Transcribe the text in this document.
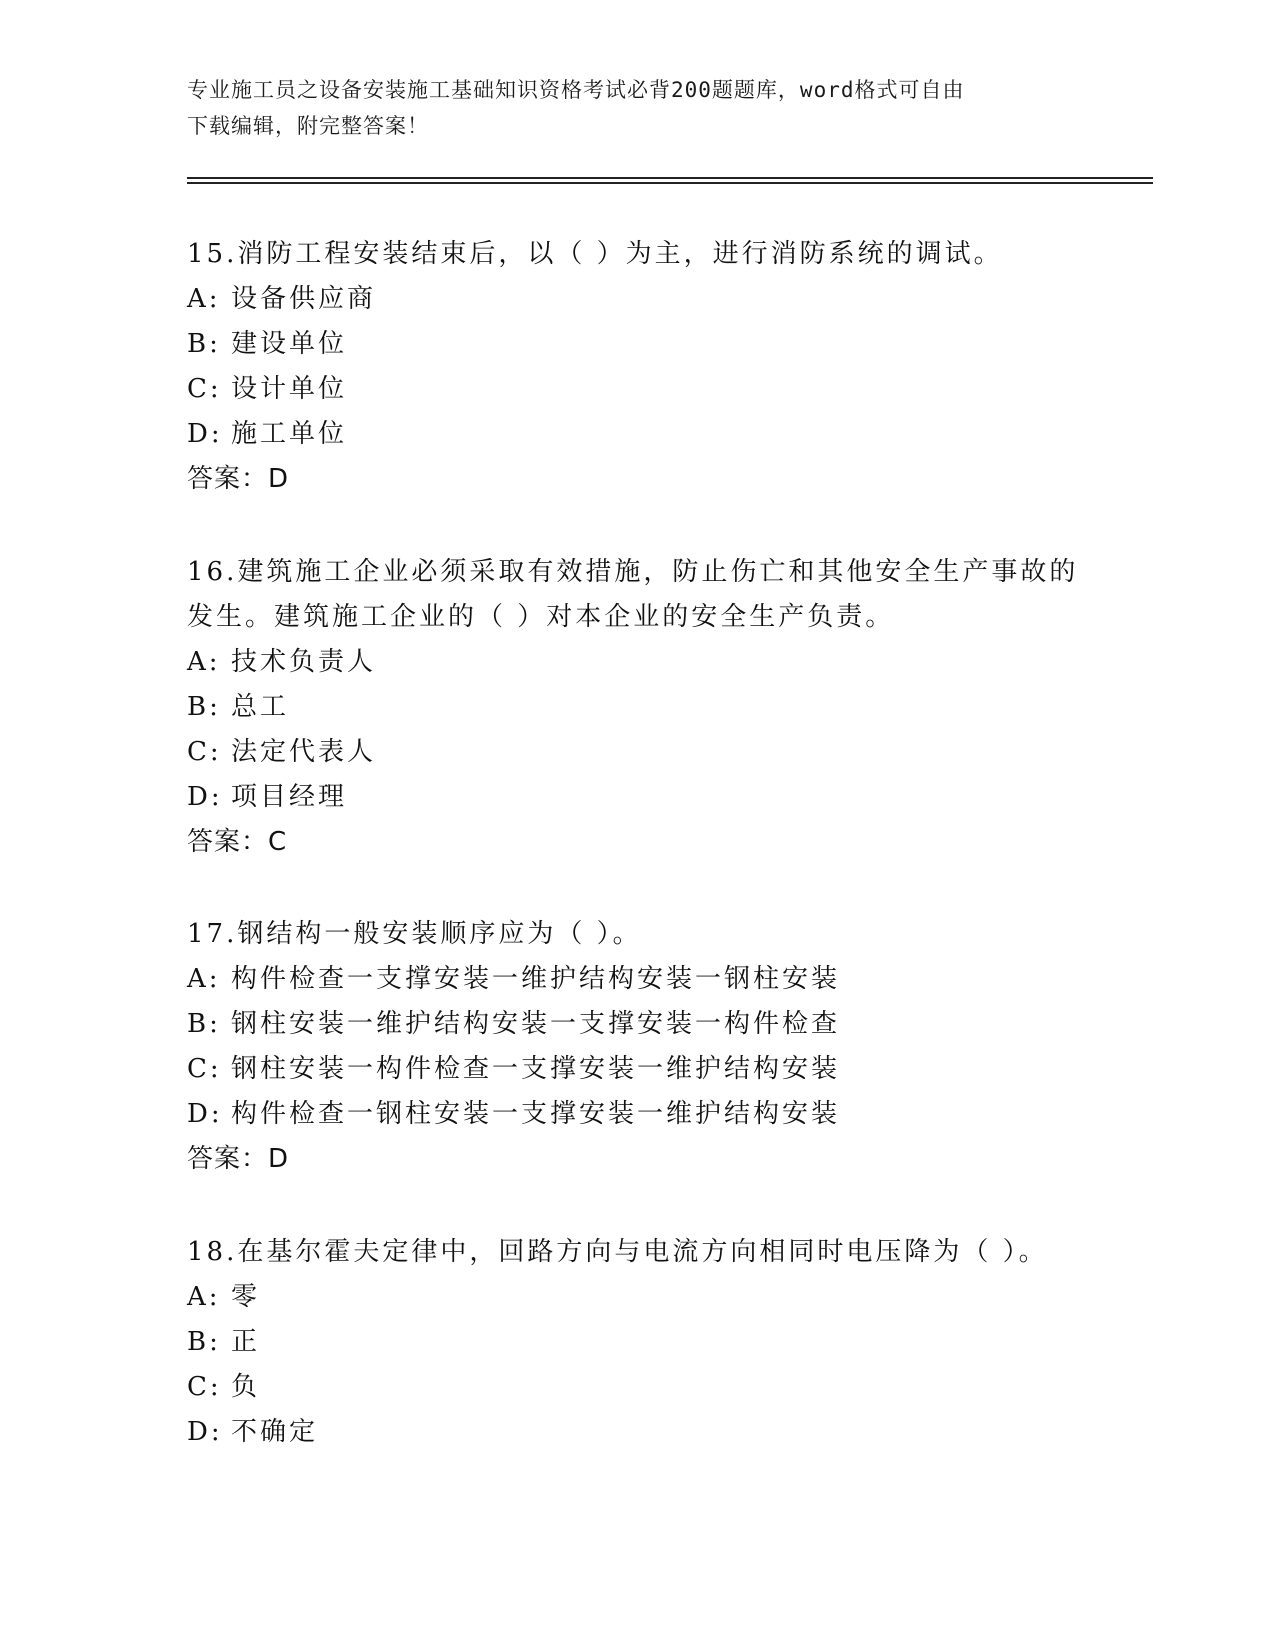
专业施工员之设备安装施工基础知识资格考试必背200题题库，word格式可自由
下载编辑，附完整答案！

15.消防工程安装结束后，以（ ）为主，进行消防系统的调试。

A: 设备供应商

B: 建设单位

C: 设计单位

D: 施工单位

答案：D

16.建筑施工企业必须采取有效措施，防止伤亡和其他安全生产事故的

发生。建筑施工企业的（ ）对本企业的安全生产负责。

A: 技术负责人

B: 总工

C: 法定代表人

D: 项目经理

答案：C

17.钢结构一般安装顺序应为（ ）。

A: 构件检查一支撑安装一维护结构安装一钢柱安装

B: 钢柱安装一维护结构安装一支撑安装一构件检查

C: 钢柱安装一构件检查一支撑安装一维护结构安装

D: 构件检查一钢柱安装一支撑安装一维护结构安装

答案：D

18.在基尔霍夫定律中，回路方向与电流方向相同时电压降为（ ）。

A: 零

B: 正

C: 负

D: 不确定
